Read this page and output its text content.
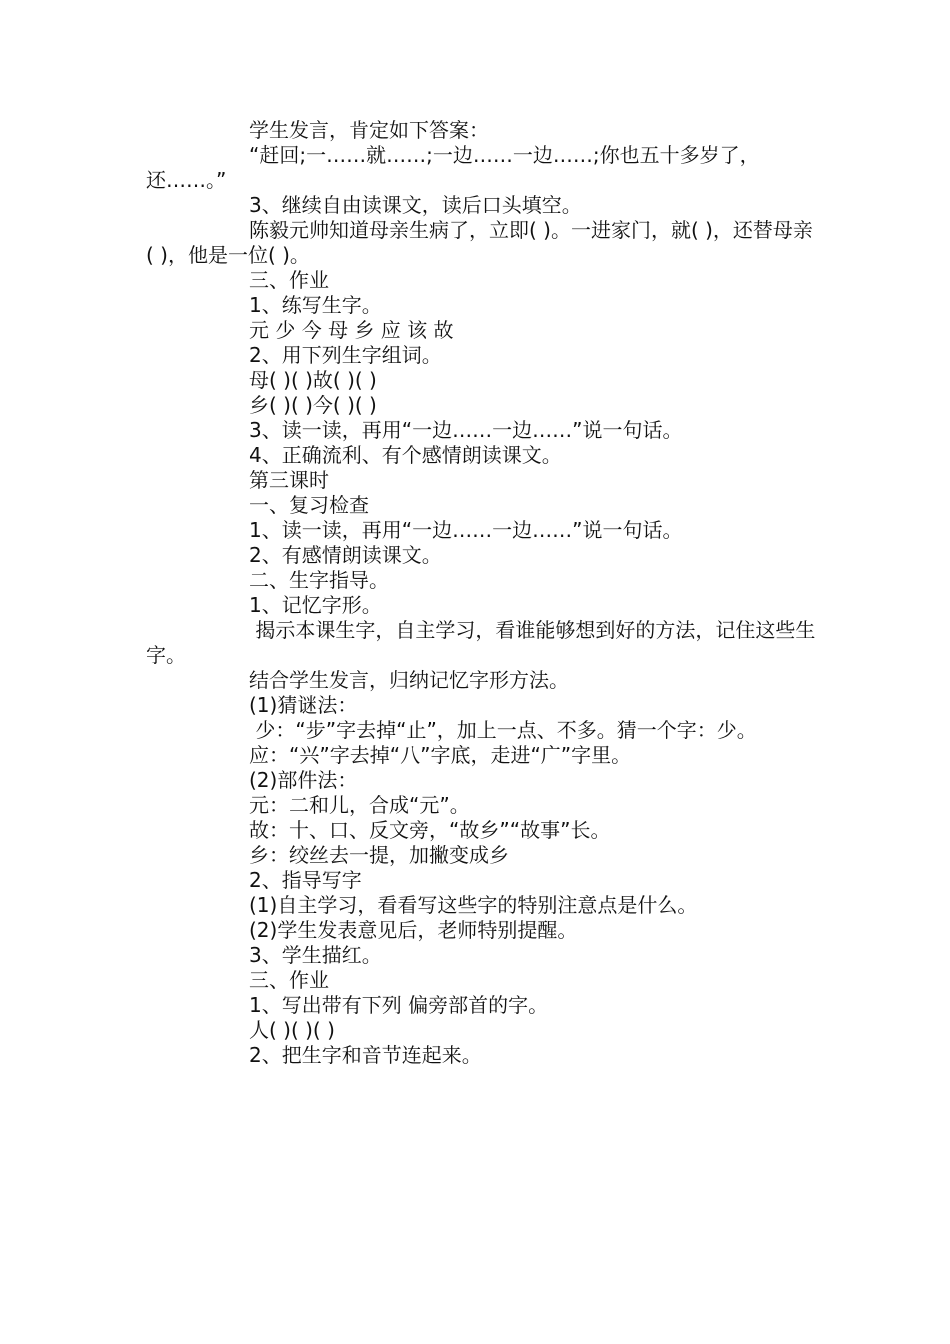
学生发言，肯定如下答案：

“赶回;一……就……;一边……一边……;你也五十多岁了，还……。”

3、继续自由读课文，读后口头填空。

陈毅元帅知道母亲生病了，立即( )。一进家门，就( )，还替母亲( )，他是一位( )。

三、作业

1、练写生字。

元 少 今 母 乡 应 该 故

2、用下列生字组词。

母( )( )故( )( )

乡( )( )今( )( )

3、读一读，再用“一边……一边……”说一句话。

4、正确流利、有个感情朗读课文。

第三课时

一、复习检查

1、读一读，再用“一边……一边……”说一句话。

2、有感情朗读课文。

二、生字指导。

1、记忆字形。

揭示本课生字，自主学习，看谁能够想到好的方法，记住这些生字。

结合学生发言，归纳记忆字形方法。

(1)猜谜法：

少：“步”字去掉“止”，加上一点、不多。猜一个字：少。

应：“兴”字去掉“八”字底，走进“广”字里。

(2)部件法：

元：二和儿，合成“元”。

故：十、口、反文旁，“故乡”“故事”长。

乡：绞丝去一提，加撇变成乡

2、指导写字

(1)自主学习，看看写这些字的特别注意点是什么。

(2)学生发表意见后，老师特别提醒。

3、学生描红。

三、作业

1、写出带有下列 偏旁部首的字。

人( )( )( )

2、把生字和音节连起来。
